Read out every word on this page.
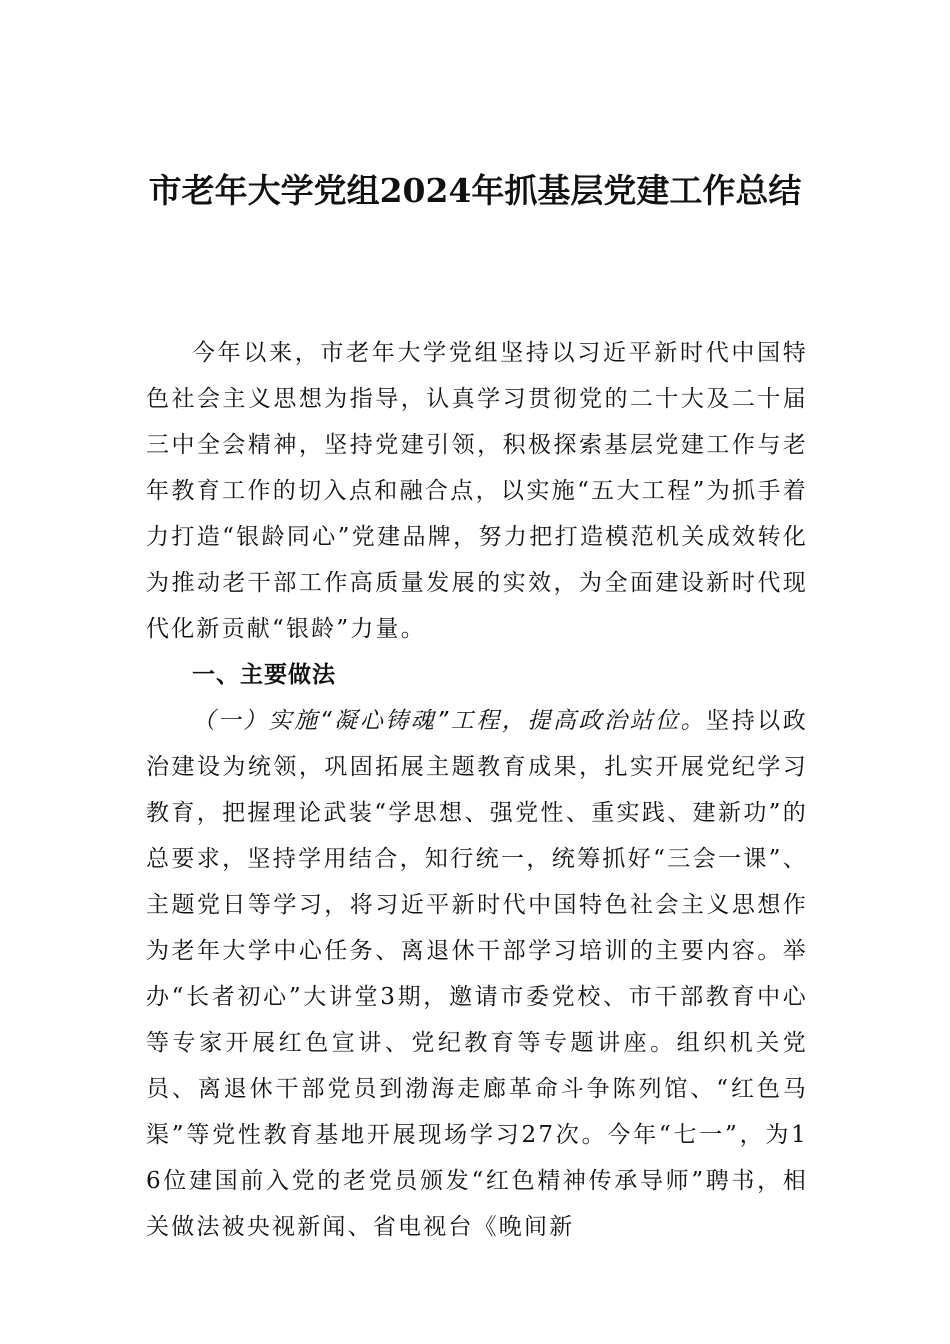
市老年大学党组2024年抓基层党建工作总结

今年以来，市老年大学党组坚持以习近平新时代中国特色社会主义思想为指导，认真学习贯彻党的二十大及二十届三中全会精神，坚持党建引领，积极探索基层党建工作与老年教育工作的切入点和融合点，以实施“五大工程”为抓手着力打造“银龄同心”党建品牌，努力把打造模范机关成效转化为推动老干部工作高质量发展的实效，为全面建设新时代现代化新贡献“银龄”力量。

一、主要做法

（一）实施“凝心铸魂”工程，提高政治站位。坚持以政治建设为统领，巩固拓展主题教育成果，扎实开展党纪学习教育，把握理论武装“学思想、强党性、重实践、建新功”的总要求，坚持学用结合，知行统一，统筹抓好“三会一课”、主题党日等学习，将习近平新时代中国特色社会主义思想作为老年大学中心任务、离退休干部学习培训的主要内容。举办“长者初心”大讲堂3期，邀请市委党校、市干部教育中心等专家开展红色宣讲、党纪教育等专题讲座。组织机关党员、离退休干部党员到渤海走廊革命斗争陈列馆、“红色马渠”等党性教育基地开展现场学习27次。今年“七一”，为16位建国前入党的老党员颁发“红色精神传承导师”聘书，相关做法被央视新闻、省电视台《晚间新
